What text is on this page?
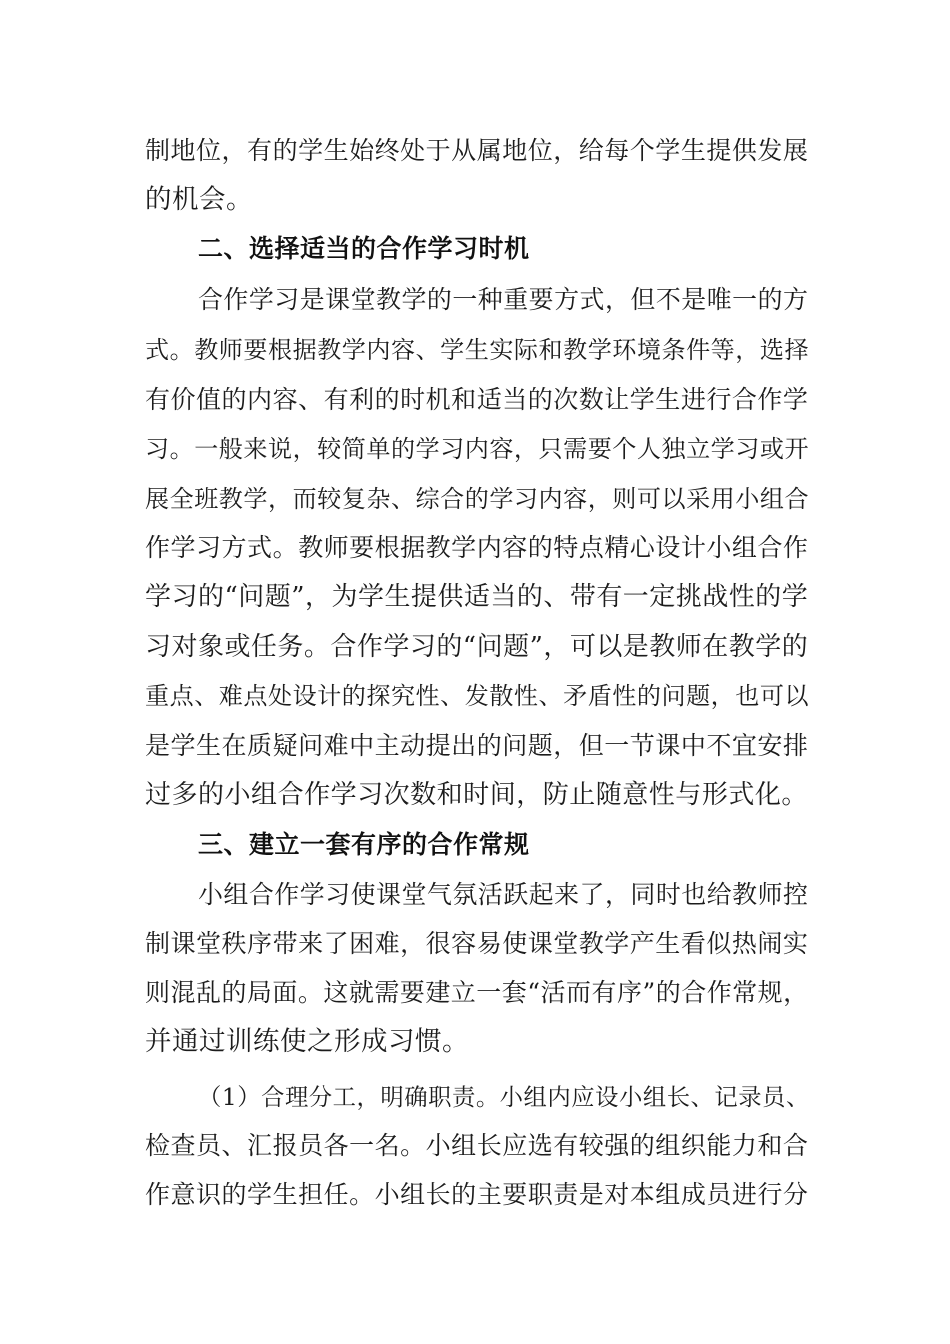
制地位，有的学生始终处于从属地位，给每个学生提供发展
的机会。
二、选择适当的合作学习时机
合作学习是课堂教学的一种重要方式，但不是唯一的方
式。教师要根据教学内容、学生实际和教学环境条件等，选择
有价值的内容、有利的时机和适当的次数让学生进行合作学
习。一般来说，较简单的学习内容，只需要个人独立学习或开
展全班教学，而较复杂、综合的学习内容，则可以采用小组合
作学习方式。教师要根据教学内容的特点精心设计小组合作
学习的“问题”，为学生提供适当的、带有一定挑战性的学
习对象或任务。合作学习的“问题”，可以是教师在教学的
重点、难点处设计的探究性、发散性、矛盾性的问题，也可以
是学生在质疑问难中主动提出的问题，但一节课中不宜安排
过多的小组合作学习次数和时间，防止随意性与形式化。
三、建立一套有序的合作常规
小组合作学习使课堂气氛活跃起来了，同时也给教师控
制课堂秩序带来了困难，很容易使课堂教学产生看似热闹实
则混乱的局面。这就需要建立一套“活而有序”的合作常规，
并通过训练使之形成习惯。
（1）合理分工，明确职责。小组内应设小组长、记录员、
检查员、汇报员各一名。小组长应选有较强的组织能力和合
作意识的学生担任。小组长的主要职责是对本组成员进行分
